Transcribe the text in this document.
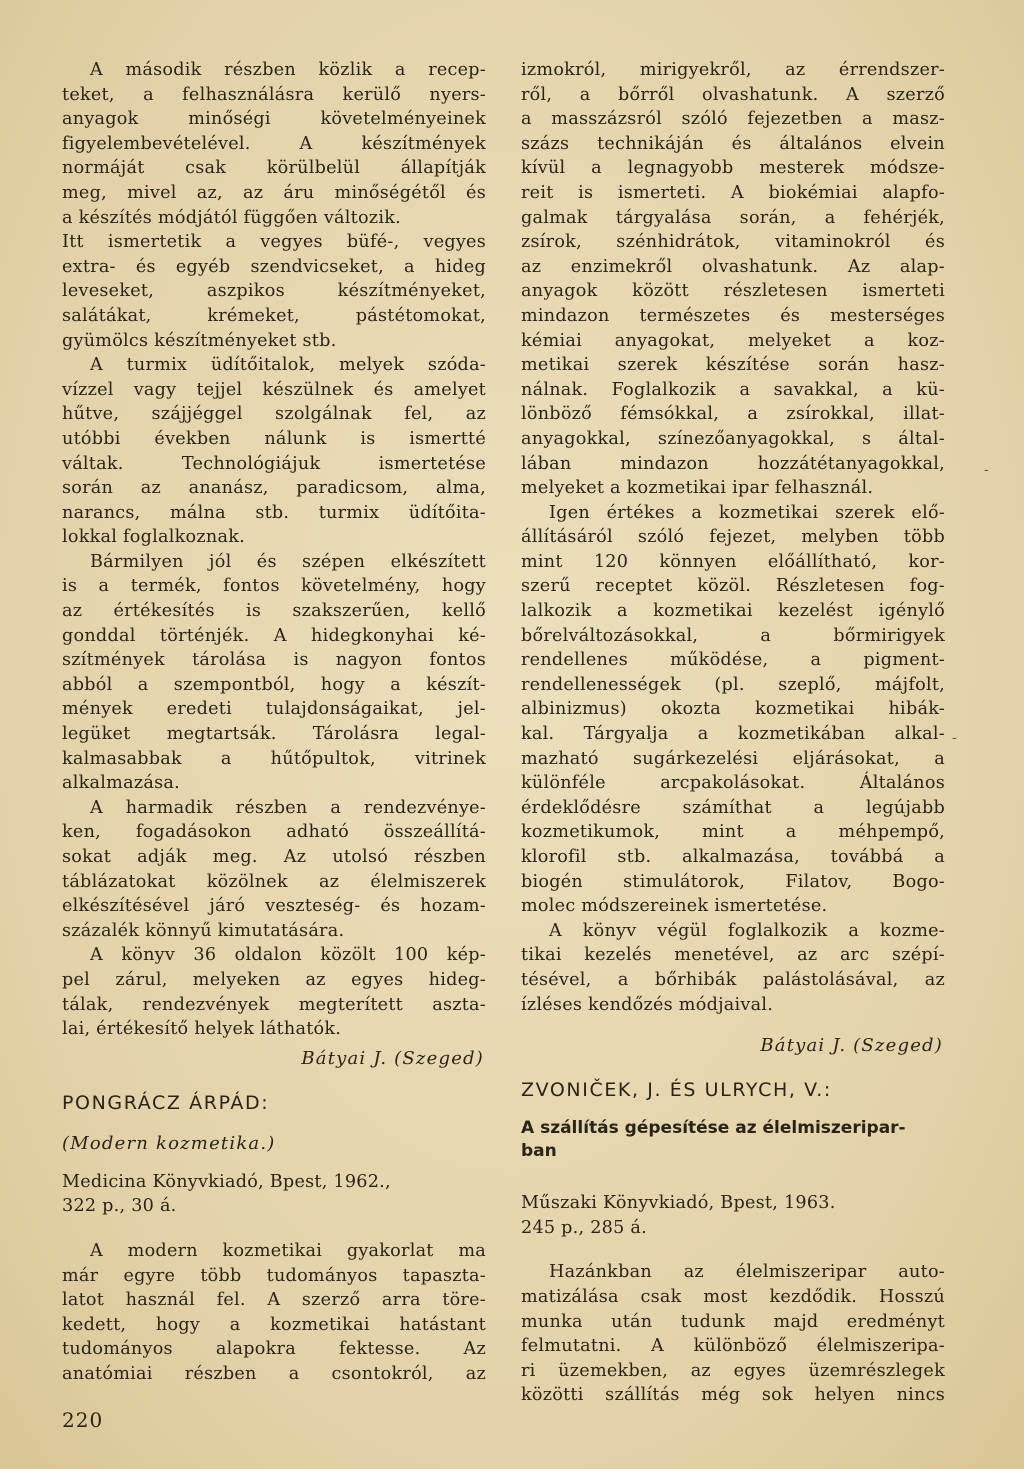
A második részben közlik a recep-
teket, a felhasználásra kerülő nyers-
anyagok minőségi követelményeinek
figyelembevételével. A készítmények
normáját csak körülbelül állapítják
meg, mivel az, az áru minőségétől és
a készítés módjától függően változik.
Itt ismertetik a vegyes büfé-, vegyes
extra- és egyéb szendvicseket, a hideg
leveseket, aszpikos készítményeket,
salátákat, krémeket, pástétomokat,
gyümölcs készítményeket stb.
A turmix üdítőitalok, melyek szóda-
vízzel vagy tejjel készülnek és amelyet
hűtve, szájjéggel szolgálnak fel, az
utóbbi években nálunk is ismertté
váltak. Technológiájuk ismertetése
során az ananász, paradicsom, alma,
narancs, málna stb. turmix üdítőita-
lokkal foglalkoznak.
Bármilyen jól és szépen elkészített
is a termék, fontos követelmény, hogy
az értékesítés is szakszerűen, kellő
gonddal történjék. A hidegkonyhai ké-
szítmények tárolása is nagyon fontos
abból a szempontból, hogy a készít-
mények eredeti tulajdonságaikat, jel-
legüket megtartsák. Tárolásra legal-
kalmasabbak a hűtőpultok, vitrinek
alkalmazása.
A harmadik részben a rendezvénye-
ken, fogadásokon adható összeállítá-
sokat adják meg. Az utolsó részben
táblázatokat közölnek az élelmiszerek
elkészítésével járó veszteség- és hozam-
százalék könnyű kimutatására.
A könyv 36 oldalon közölt 100 kép-
pel zárul, melyeken az egyes hideg-
tálak, rendezvények megterített aszta-
lai, értékesítő helyek láthatók.
Bátyai J. (Szeged)
PONGRÁCZ ÁRPÁD:
(Modern kozmetika.)
Medicina Könyvkiadó, Bpest, 1962.,
322 p., 30 á.
A modern kozmetikai gyakorlat ma
már egyre több tudományos tapaszta-
latot használ fel. A szerző arra töre-
kedett, hogy a kozmetikai hatástant
tudományos alapokra fektesse. Az
anatómiai részben a csontokról, az
izmokról, mirigyekről, az érrendszer-
ről, a bőrről olvashatunk. A szerző
a masszázsról szóló fejezetben a masz-
százs technikáján és általános elvein
kívül a legnagyobb mesterek módsze-
reit is ismerteti. A biokémiai alapfo-
galmak tárgyalása során, a fehérjék,
zsírok, szénhidrátok, vitaminokról és
az enzimekről olvashatunk. Az alap-
anyagok között részletesen ismerteti
mindazon természetes és mesterséges
kémiai anyagokat, melyeket a koz-
metikai szerek készítése során hasz-
nálnak. Foglalkozik a savakkal, a kü-
lönböző fémsókkal, a zsírokkal, illat-
anyagokkal, színezőanyagokkal, s által-
lában mindazon hozzátétanyagokkal,
melyeket a kozmetikai ipar felhasznál.
Igen értékes a kozmetikai szerek elő-
állításáról szóló fejezet, melyben több
mint 120 könnyen előállítható, kor-
szerű receptet közöl. Részletesen fog-
lalkozik a kozmetikai kezelést igénylő
bőrelváltozásokkal, a bőrmirigyek
rendellenes működése, a pigment-
rendellenességek (pl. szeplő, májfolt,
albinizmus) okozta kozmetikai hibák-
kal. Tárgyalja a kozmetikában alkal-
mazható sugárkezelési eljárásokat, a
különféle arcpakolásokat. Általános
érdeklődésre számíthat a legújabb
kozmetikumok, mint a méhpempő,
klorofil stb. alkalmazása, továbbá a
biogén stimulátorok, Filatov, Bogo-
molec módszereinek ismertetése.
A könyv végül foglalkozik a kozme-
tikai kezelés menetével, az arc szépí-
tésével, a bőrhibák palástolásával, az
ízléses kendőzés módjaival.
Bátyai J. (Szeged)
ZVONIČEK, J. ÉS ULRYCH, V.:
A szállítás gépesítése az élelmiszeripar-
ban
Műszaki Könyvkiadó, Bpest, 1963.
245 p., 285 á.
Hazánkban az élelmiszeripar auto-
matizálása csak most kezdődik. Hosszú
munka után tudunk majd eredményt
felmutatni. A különböző élelmiszeripa-
ri üzemekben, az egyes üzemrészlegek
közötti szállítás még sok helyen nincs
220
-
-
